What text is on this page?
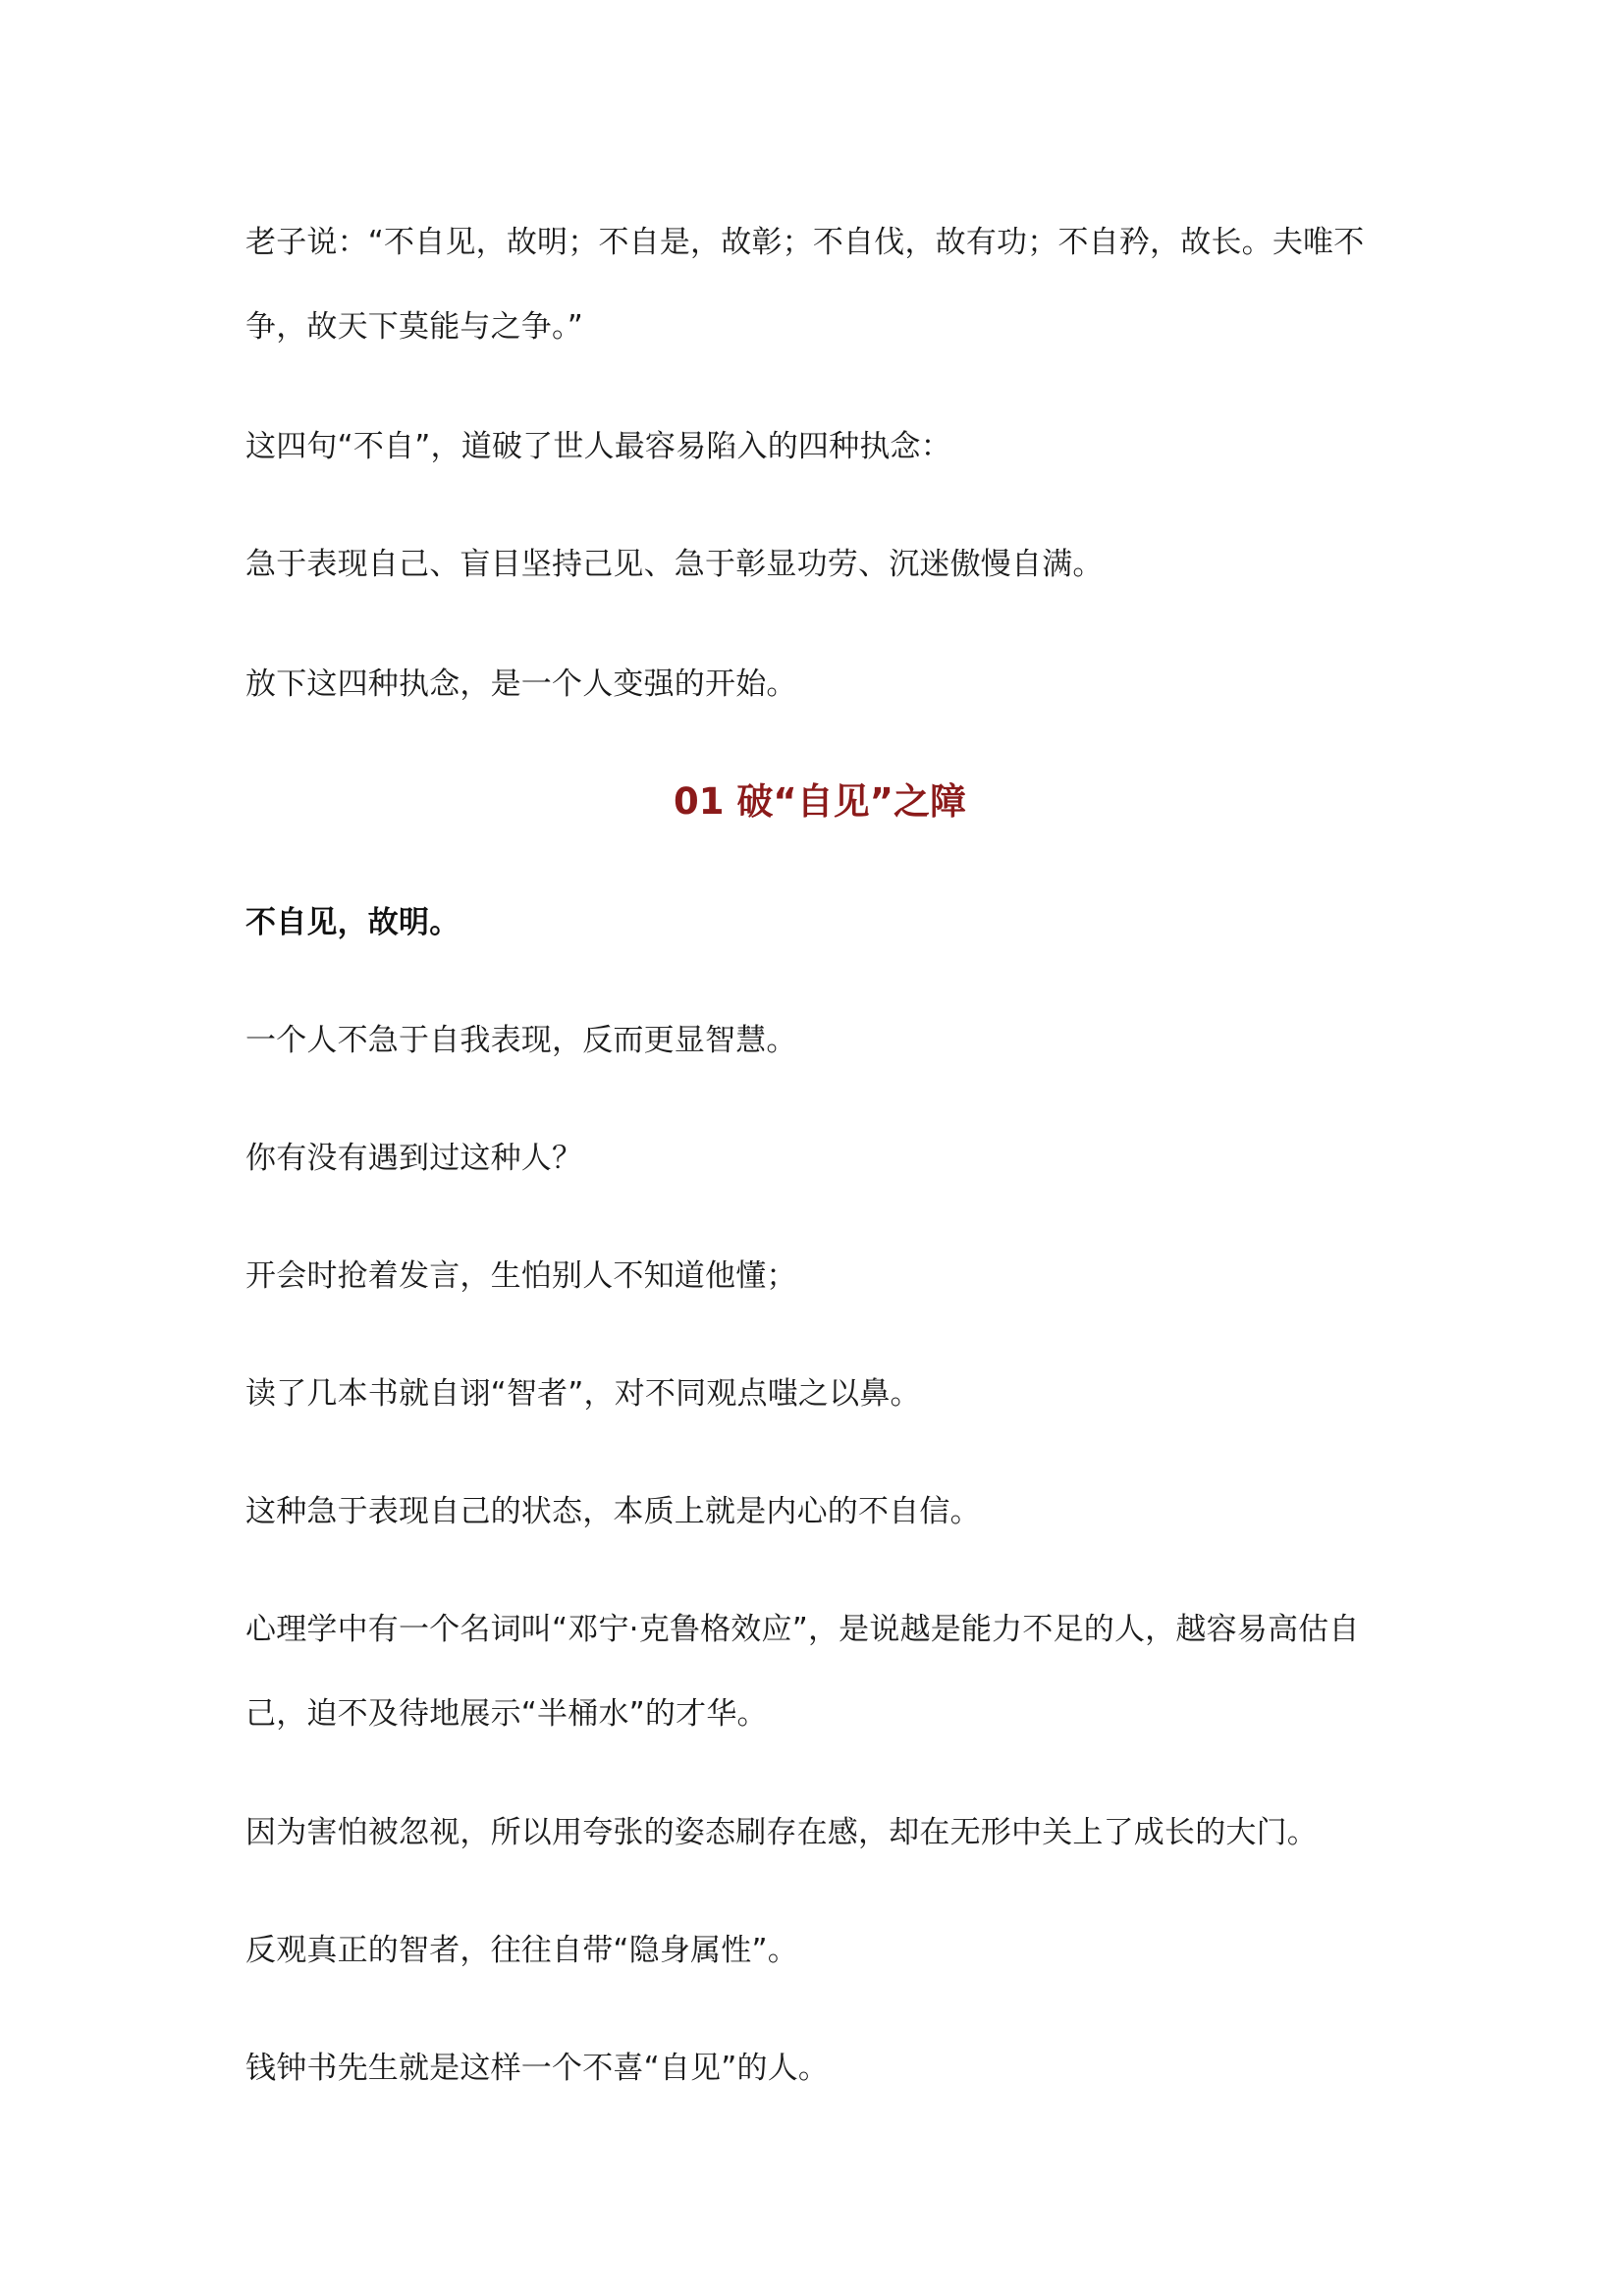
老子说：“不自见，故明；不自是，故彰；不自伐，故有功；不自矜，故长。夫唯不争，故天下莫能与之争。”

这四句“不自”，道破了世人最容易陷入的四种执念：

急于表现自己、盲目坚持己见、急于彰显功劳、沉迷傲慢自满。

放下这四种执念，是一个人变强的开始。

01 破“自见”之障

不自见，故明。

一个人不急于自我表现，反而更显智慧。

你有没有遇到过这种人？

开会时抢着发言，生怕别人不知道他懂；

读了几本书就自诩“智者”，对不同观点嗤之以鼻。

这种急于表现自己的状态，本质上就是内心的不自信。

心理学中有一个名词叫“邓宁·克鲁格效应”，是说越是能力不足的人，越容易高估自己，迫不及待地展示“半桶水”的才华。

因为害怕被忽视，所以用夸张的姿态刷存在感，却在无形中关上了成长的大门。

反观真正的智者，往往自带“隐身属性”。

钱钟书先生就是这样一个不喜“自见”的人。
